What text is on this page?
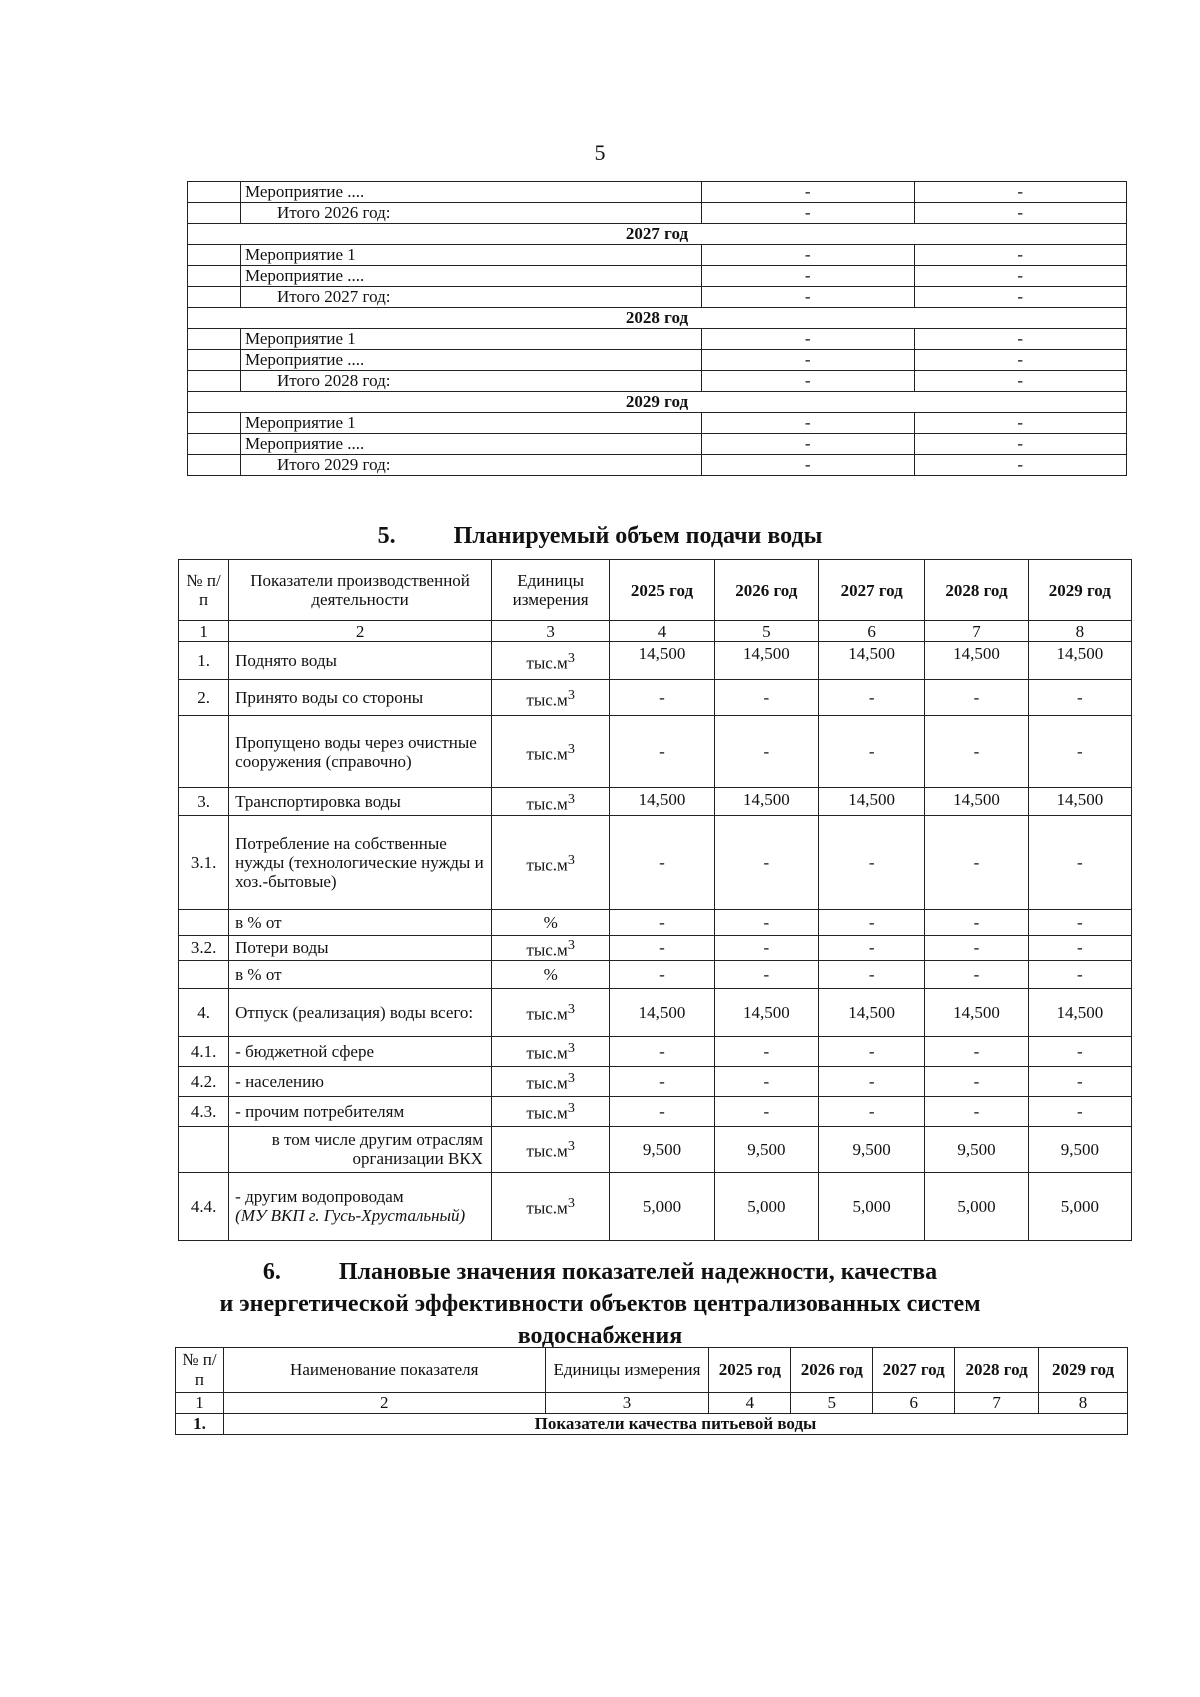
5
	Мероприятие ....	-	-
	Итого 2026 год:	-	-
2027 год			
	Мероприятие 1	-	-
	Мероприятие ....	-	-
	Итого 2027 год:	-	-
2028 год			
	Мероприятие 1	-	-
	Мероприятие ....	-	-
	Итого 2028 год:	-	-
2029 год			
	Мероприятие 1	-	-
	Мероприятие ....	-	-
	Итого 2029 год:	-	-
5. Планируемый объем подачи воды
№ п/п	Показатели производственной деятельности	Единицы измерения	2025 год	2026 год	2027 год	2028 год	2029 год
1	2	3	4	5	6	7	8
1.	Поднято воды	$тыс.м^3$	14,500	14,500	14,500	14,500	14,500
2.	Принято воды со стороны	$тыс.м^3$	-	-	-	-	-
	Пропущено воды через очистные сооружения (справочно)	$тыс.м^3$	-	-	-	-	-
3.	Транспортировка воды	$тыс.м^3$	14,500	14,500	14,500	14,500	14,500
3.1.	Потребление на собственные нужды (технологические нужды и хоз.-бытовые)	$тыс.м^3$	-	-	-	-	-
	в % от	%	-	-	-	-	-
3.2.	Потери воды	$тыс.м^3$	-	-	-	-	-
	в % от	%	-	-	-	-	-
4.	Отпуск (реализация) воды всего:	$тыс.м^3$	14,500	14,500	14,500	14,500	14,500
4.1.	- бюджетной сфере	$тыс.м^3$	-	-	-	-	-
4.2.	- населению	$тыс.м^3$	-	-	-	-	-
4.3.	- прочим потребителям	$тыс.м^3$	-	-	-	-	-
	в том числе другим отраслям организации ВКХ	$тыс.м^3$	9,500	9,500	9,500	9,500	9,500
4.4.	- другим водопроводам
(МУ ВКП г. Гусь-Хрустальный)	$тыс.м^3$	5,000	5,000	5,000	5,000	5,000
6. Плановые значения показателей надежности, качества
и энергетической эффективности объектов централизованных систем
водоснабжения
№ п/п	Наименование показателя	Единицы измерения	2025 год	2026 год	2027 год	2028 год	2029 год
1	2	3	4	5	6	7	8
1.	Показатели качества питьевой воды						
